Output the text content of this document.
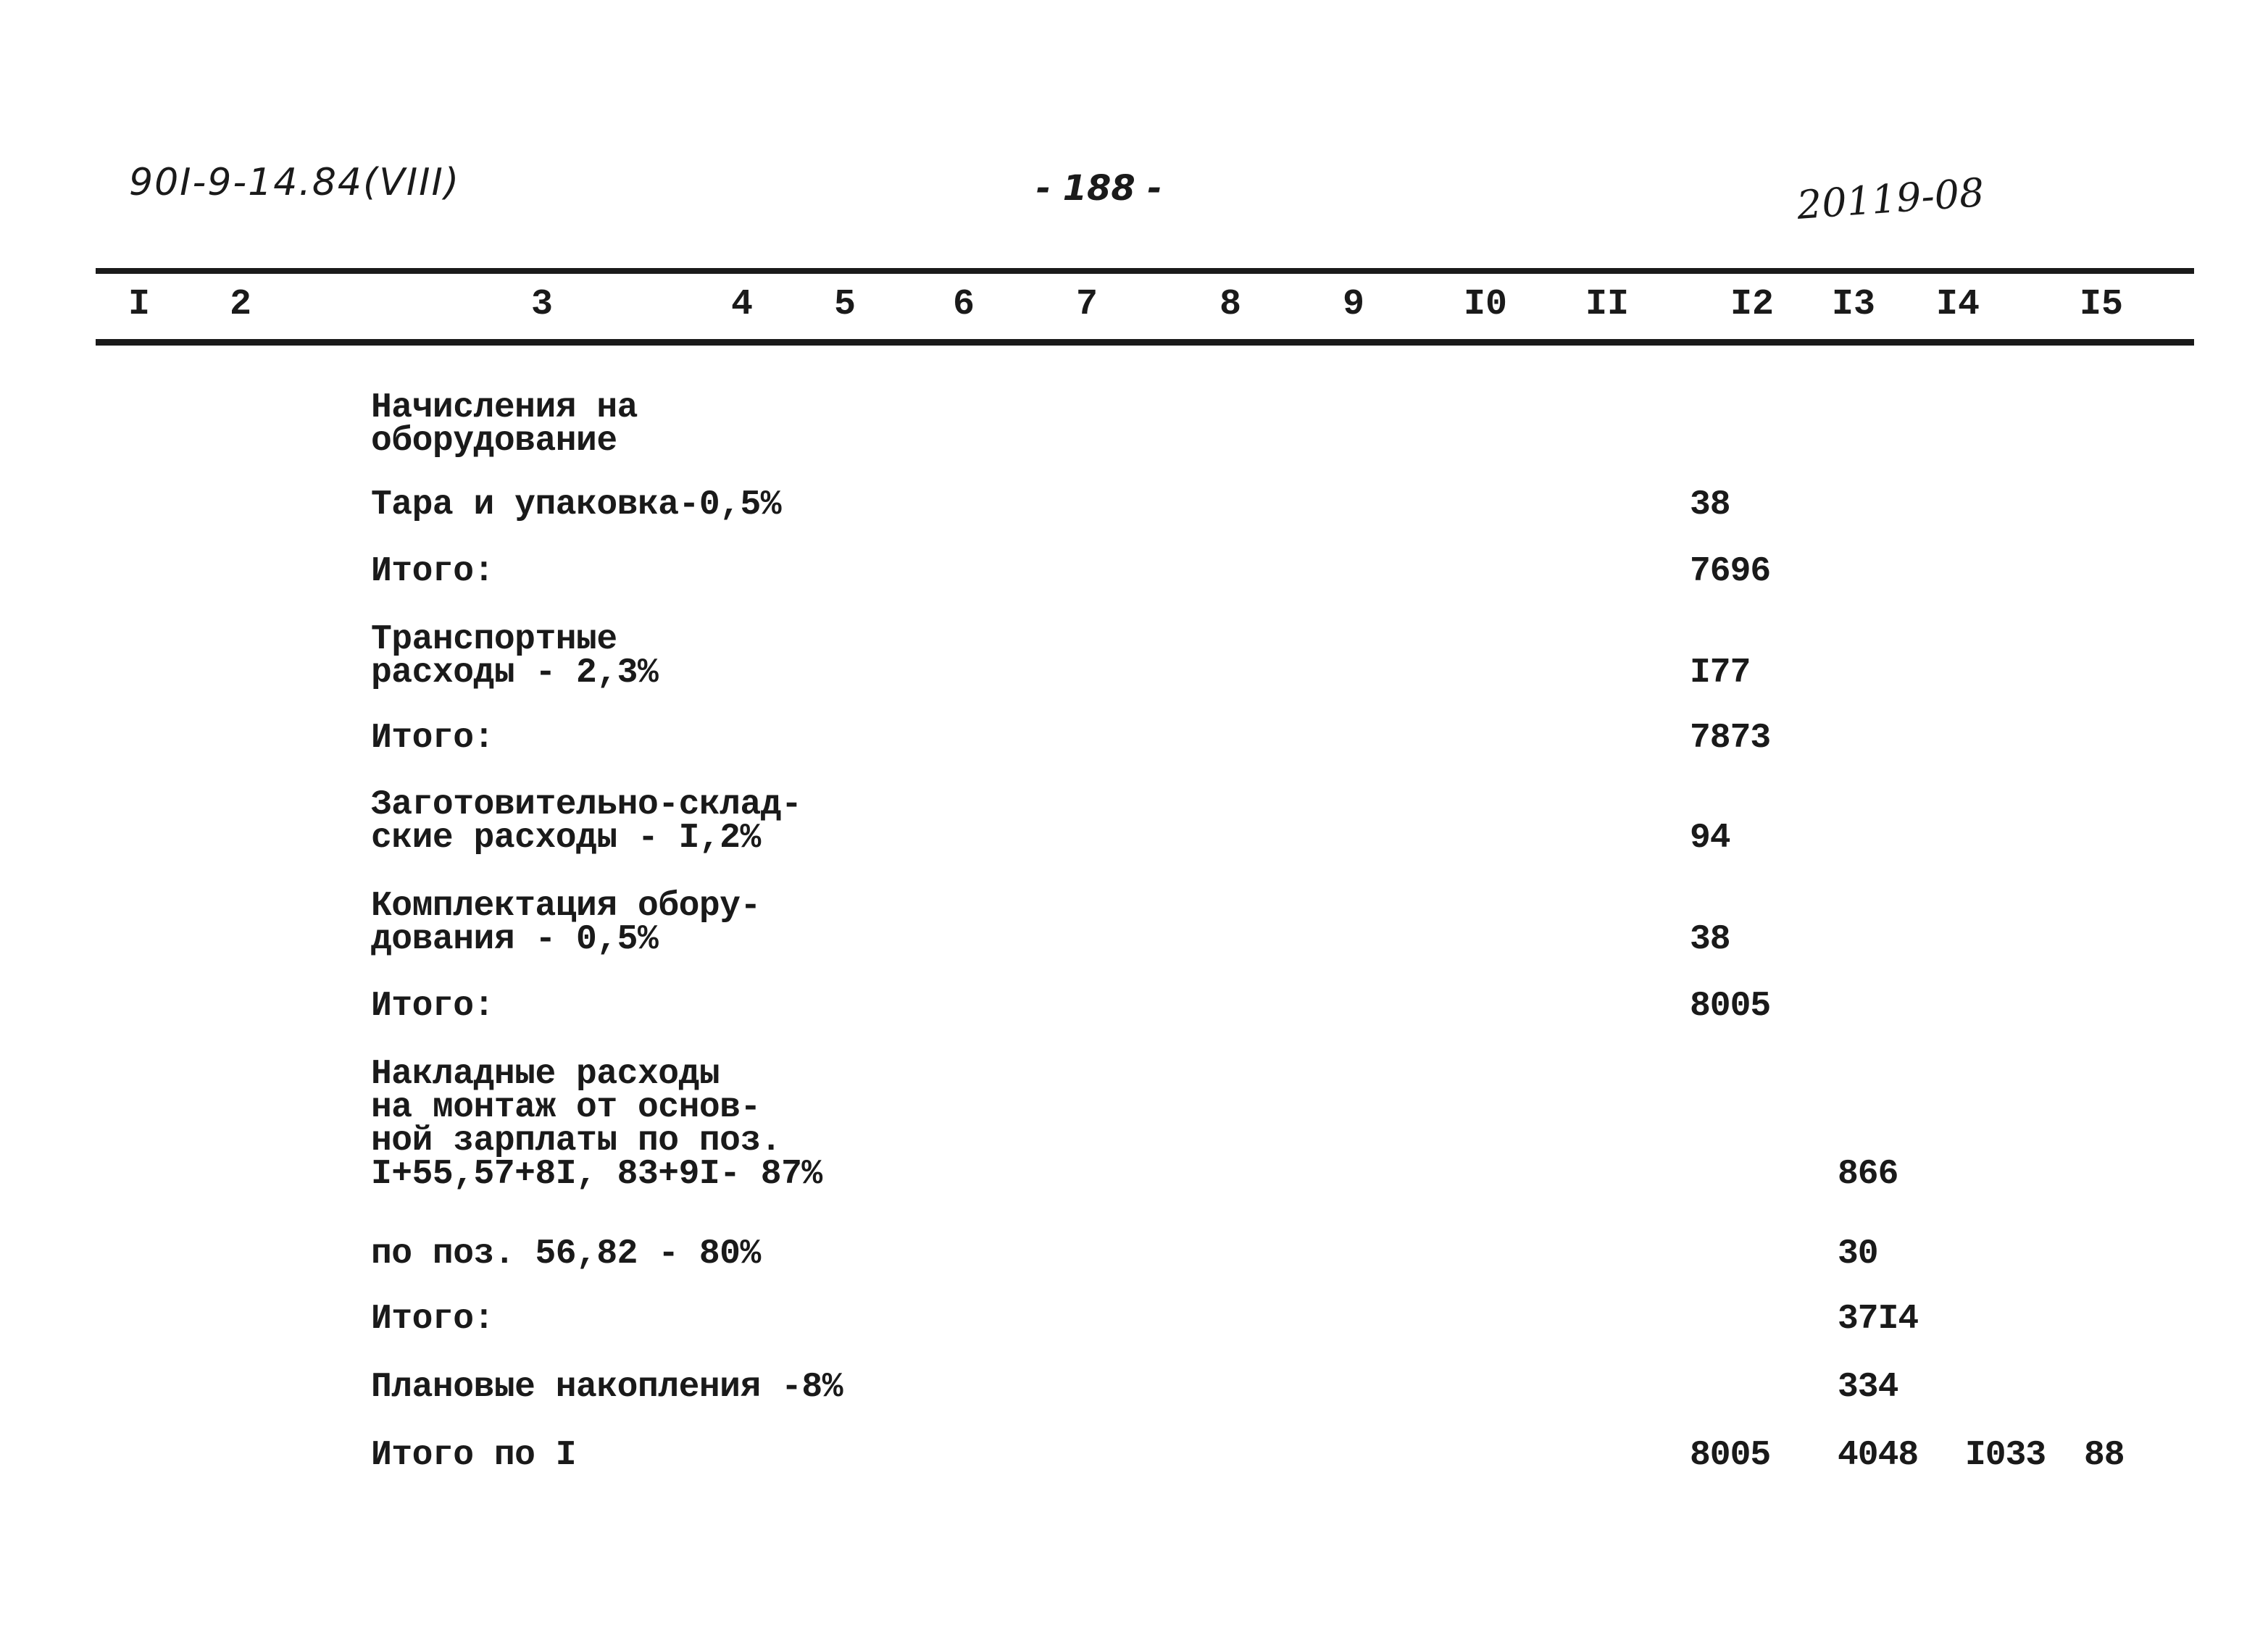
90I-9-14.84(VIII)	- 188 -	20119-08
I 2	3	4 5	6	7	8	9	I0 II	I2 I3 I4	I5
Начисления на
оборудование
Тара и упаковка-0,5%	38
Итого:	7696
Транспортные
расходы - 2,3%	I77
Итого:	7873
Заготовительно-склад-
ские расходы - I,2%	94
Комплектация обору-
дования - 0,5%	38
Итого:	8005
Накладные расходы
на монтаж от основ-
ной зарплаты по поз.
I+55,57+8I, 83+9I- 87%	866
по поз. 56,82 - 80%	30
Итого:	37I4
Плановые накопления -8%	334
Итого по I	8005 4048 I033 88
